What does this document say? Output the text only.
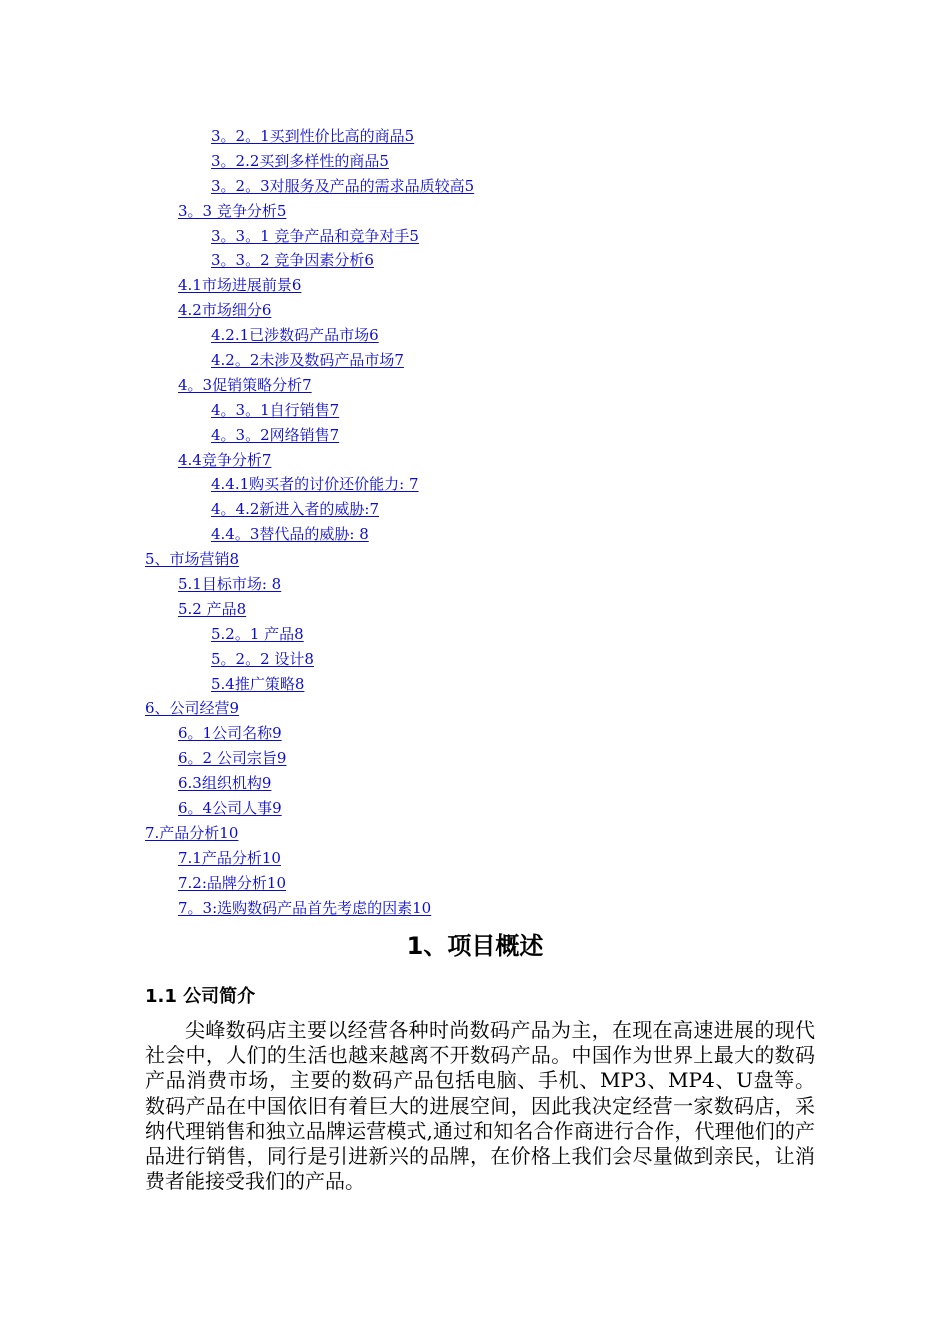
3。2。1买到性价比高的商品5
3。2.2买到多样性的商品5
3。2。3对服务及产品的需求品质较高5
3。3 竞争分析5
3。3。1 竞争产品和竞争对手5
3。3。2 竞争因素分析6
4.1市场进展前景6
4.2市场细分6
4.2.1已涉数码产品市场6
4.2。2未涉及数码产品市场7
4。3促销策略分析7
4。3。1自行销售7
4。3。2网络销售7
4.4竞争分析7
4.4.1购买者的讨价还价能力: 7
4。4.2新进入者的威胁:7
4.4。3替代品的威胁: 8
5、市场营销8
5.1目标市场: 8
5.2 产品8
5.2。1 产品8
5。2。2 设计8
5.4推广策略8
6、公司经营9
6。1公司名称9
6。2 公司宗旨9
6.3组织机构9
6。4公司人事9
7.产品分析10
7.1产品分析10
7.2:品牌分析10
7。3:选购数码产品首先考虑的因素10
1、项目概述
1.1 公司简介

尖峰数码店主要以经营各种时尚数码产品为主，在现在高速进展的现代社会中，人们的生活也越来越离不开数码产品。中国作为世界上最大的数码产品消费市场，主要的数码产品包括电脑、手机、MP3、MP4、U盘等。数码产品在中国依旧有着巨大的进展空间，因此我决定经营一家数码店，采纳代理销售和独立品牌运营模式,通过和知名合作商进行合作，代理他们的产品进行销售，同行是引进新兴的品牌，在价格上我们会尽量做到亲民，让消费者能接受我们的产品。
